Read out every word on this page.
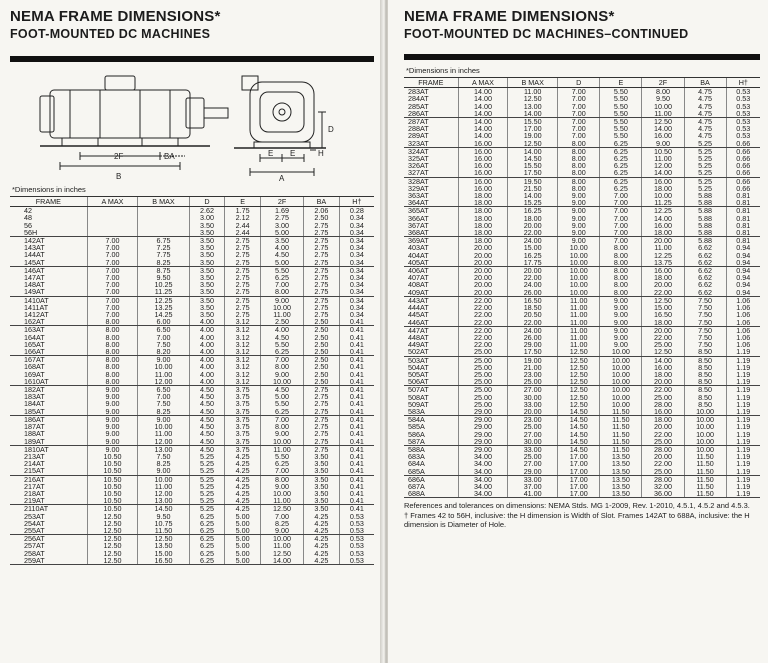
NEMA FRAME DIMENSIONS*
FOOT-MOUNTED DC MACHINES
D
2F	BA
B
E E	H
A
*Dimensions in inches
FRAME	A MAX	B MAX	D	E	2F	BA	H†
42			2.62	1.75	1.69	2.06	0.28
48			3.00	2.12	2.75	2.50	0.34
56			3.50	2.44	3.00	2.75	0.34
56H			3.50	2.44	5.00	2.75	0.34
142AT	7.00	6.75	3.50	2.75	3.50	2.75	0.34
143AT	7.00	7.25	3.50	2.75	4.00	2.75	0.34
144AT	7.00	7.75	3.50	2.75	4.50	2.75	0.34
145AT	7.00	8.25	3.50	2.75	5.00	2.75	0.34
146AT	7.00	8.75	3.50	2.75	5.50	2.75	0.34
147AT	7.00	9.50	3.50	2.75	6.25	2.75	0.34
148AT	7.00	10.25	3.50	2.75	7.00	2.75	0.34
149AT	7.00	11.25	3.50	2.75	8.00	2.75	0.34
1410AT	7.00	12.25	3.50	2.75	9.00	2.75	0.34
1411AT	7.00	13.25	3.50	2.75	10.00	2.75	0.34
1412AT	7.00	14.25	3.50	2.75	11.00	2.75	0.34
162AT	8.00	6.00	4.00	3.12	2.50	2.50	0.41
163AT	8.00	6.50	4.00	3.12	4.00	2.50	0.41
164AT	8.00	7.00	4.00	3.12	4.50	2.50	0.41
165AT	8.00	7.50	4.00	3.12	5.50	2.50	0.41
166AT	8.00	8.20	4.00	3.12	6.25	2.50	0.41
167AT	8.00	9.00	4.00	3.12	7.00	2.50	0.41
168AT	8.00	10.00	4.00	3.12	8.00	2.50	0.41
169AT	8.00	11.00	4.00	3.12	9.00	2.50	0.41
1610AT	8.00	12.00	4.00	3.12	10.00	2.50	0.41
182AT	9.00	6.50	4.50	3.75	4.50	2.75	0.41
183AT	9.00	7.00	4.50	3.75	5.00	2.75	0.41
184AT	9.00	7.50	4.50	3.75	5.50	2.75	0.41
185AT	9.00	8.25	4.50	3.75	6.25	2.75	0.41
186AT	9.00	9.00	4.50	3.75	7.00	2.75	0.41
187AT	9.00	10.00	4.50	3.75	8.00	2.75	0.41
188AT	9.00	11.00	4.50	3.75	9.00	2.75	0.41
189AT	9.00	12.00	4.50	3.75	10.00	2.75	0.41
1810AT	9.00	13.00	4.50	3.75	11.00	2.75	0.41
213AT	10.50	7.50	5.25	4.25	5.50	3.50	0.41
214AT	10.50	8.25	5.25	4.25	6.25	3.50	0.41
215AT	10.50	9.00	5.25	4.25	7.00	3.50	0.41
216AT	10.50	10.00	5.25	4.25	8.00	3.50	0.41
217AT	10.50	11.00	5.25	4.25	9.00	3.50	0.41
218AT	10.50	12.00	5.25	4.25	10.00	3.50	0.41
219AT	10.50	13.00	5.25	4.25	11.00	3.50	0.41
2110AT	10.50	14.50	5.25	4.25	12.50	3.50	0.41
253AT	12.50	9.50	6.25	5.00	7.00	4.25	0.53
254AT	12.50	10.75	6.25	5.00	8.25	4.25	0.53
255AT	12.50	11.50	6.25	5.00	9.00	4.25	0.53
256AT	12.50	12.50	6.25	5.00	10.00	4.25	0.53
257AT	12.50	13.50	6.25	5.00	11.00	4.25	0.53
258AT	12.50	15.00	6.25	5.00	12.50	4.25	0.53
259AT	12.50	16.50	6.25	5.00	14.00	4.25	0.53
NEMA FRAME DIMENSIONS*
FOOT-MOUNTED DC MACHINES–CONTINUED
*Dimensions in inches
FRAME	A MAX	B MAX	D	E	2F	BA	H†
283AT	14.00	11.00	7.00	5.50	8.00	4.75	0.53
284AT	14.00	12.50	7.00	5.50	9.50	4.75	0.53
285AT	14.00	13.00	7.00	5.50	10.00	4.75	0.53
286AT	14.00	14.00	7.00	5.50	11.00	4.75	0.53
287AT	14.00	15.50	7.00	5.50	12.50	4.75	0.53
288AT	14.00	17.00	7.00	5.50	14.00	4.75	0.53
289AT	14.00	19.00	7.00	5.50	16.00	4.75	0.53
323AT	16.00	12.50	8.00	6.25	9.00	5.25	0.66
324AT	16.00	14.00	8.00	6.25	10.50	5.25	0.66
325AT	16.00	14.50	8.00	6.25	11.00	5.25	0.66
326AT	16.00	15.50	8.00	6.25	12.00	5.25	0.66
327AT	16.00	17.50	8.00	6.25	14.00	5.25	0.66
328AT	16.00	19.50	8.00	6.25	16.00	5.25	0.66
329AT	16.00	21.50	8.00	6.25	18.00	5.25	0.66
363AT	18.00	14.00	9.00	7.00	10.00	5.88	0.81
364AT	18.00	15.25	9.00	7.00	11.25	5.88	0.81
365AT	18.00	16.25	9.00	7.00	12.25	5.88	0.81
366AT	18.00	18.00	9.00	7.00	14.00	5.88	0.81
367AT	18.00	20.00	9.00	7.00	16.00	5.88	0.81
368AT	18.00	22.00	9.00	7.00	18.00	5.88	0.81
369AT	18.00	24.00	9.00	7.00	20.00	5.88	0.81
403AT	20.00	15.00	10.00	8.00	11.00	6.62	0.94
404AT	20.00	16.25	10.00	8.00	12.25	6.62	0.94
405AT	20.00	17.75	10.00	8.00	13.75	6.62	0.94
406AT	20.00	20.00	10.00	8.00	16.00	6.62	0.94
407AT	20.00	22.00	10.00	8.00	18.00	6.62	0.94
408AT	20.00	24.00	10.00	8.00	20.00	6.62	0.94
409AT	20.00	26.00	10.00	8.00	22.00	6.62	0.94
443AT	22.00	16.50	11.00	9.00	12.50	7.50	1.06
444AT	22.00	18.50	11.00	9.00	15.00	7.50	1.06
445AT	22.00	20.50	11.00	9.00	16.50	7.50	1.06
446AT	22.00	22.00	11.00	9.00	18.00	7.50	1.06
447AT	22.00	24.00	11.00	9.00	20.00	7.50	1.06
448AT	22.00	26.00	11.00	9.00	22.00	7.50	1.06
449AT	22.00	29.00	11.00	9.00	25.00	7.50	1.06
502AT	25.00	17.50	12.50	10.00	12.50	8.50	1.19
503AT	25.00	19.00	12.50	10.00	14.00	8.50	1.19
504AT	25.00	21.00	12.50	10.00	16.00	8.50	1.19
505AT	25.00	23.00	12.50	10.00	18.00	8.50	1.19
506AT	25.00	25.00	12.50	10.00	20.00	8.50	1.19
507AT	25.00	27.00	12.50	10.00	22.00	8.50	1.19
508AT	25.00	30.00	12.50	10.00	25.00	8.50	1.19
509AT	25.00	33.00	12.50	10.00	28.00	8.50	1.19
583A	29.00	20.00	14.50	11.50	16.00	10.00	1.19
584A	29.00	23.00	14.50	11.50	18.00	10.00	1.19
585A	29.00	25.00	14.50	11.50	20.00	10.00	1.19
586A	29.00	27.00	14.50	11.50	22.00	10.00	1.19
587A	29.00	30.00	14.50	11.50	25.00	10.00	1.19
588A	29.00	33.00	14.50	11.50	28.00	10.00	1.19
683A	34.00	25.00	17.00	13.50	20.00	11.50	1.19
684A	34.00	27.00	17.00	13.50	22.00	11.50	1.19
685A	34.00	29.00	17.00	13.50	25.00	11.50	1.19
686A	34.00	33.00	17.00	13.50	28.00	11.50	1.19
687A	34.00	37.00	17.00	13.50	32.00	11.50	1.19
688A	34.00	41.00	17.00	13.50	36.00	11.50	1.19

References and tolerances on dimensions: NEMA Stds. MG 1-2009, Rev. 1-2010, 4.5.1, 4.5.2 and 4.5.3.

† Frames 42 to 56H, inclusive: the H dimension is Width of Slot. Frames 142AT to 688A, inclusive: the H dimension is Diameter of Hole.
